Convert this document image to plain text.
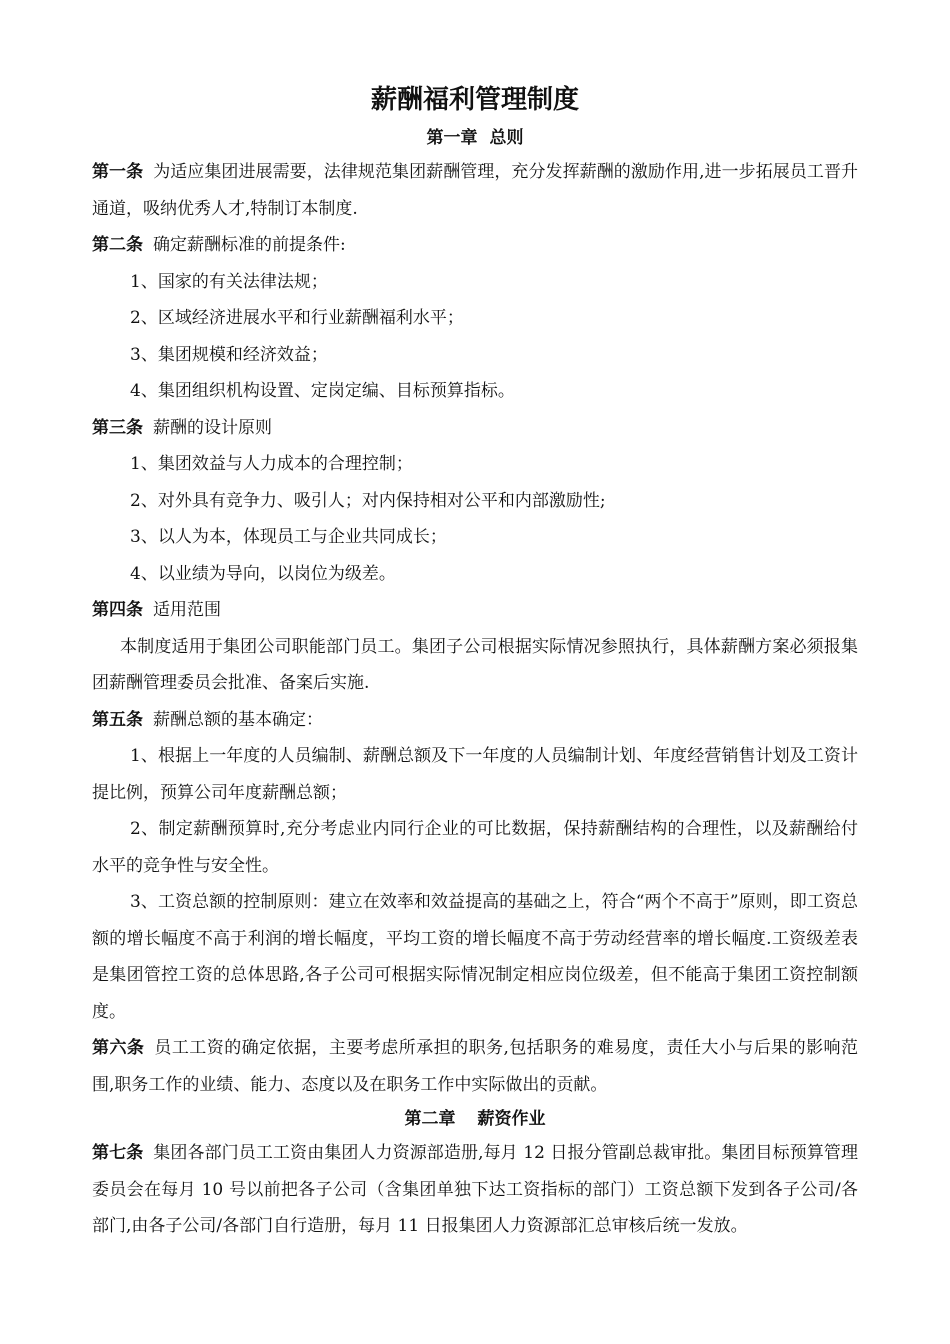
薪酬福利管理制度
第一章 总则

第一条 为适应集团进展需要，法律规范集团薪酬管理，充分发挥薪酬的激励作用,进一步拓展员工晋升通道，吸纳优秀人才,特制订本制度.

第二条 确定薪酬标准的前提条件:

1、国家的有关法律法规；

2、区域经济进展水平和行业薪酬福利水平；

3、集团规模和经济效益；

4、集团组织机构设置、定岗定编、目标预算指标。

第三条 薪酬的设计原则

1、集团效益与人力成本的合理控制；

2、对外具有竞争力、吸引人；对内保持相对公平和内部激励性;

3、以人为本，体现员工与企业共同成长；

4、以业绩为导向，以岗位为级差。

第四条 适用范围

本制度适用于集团公司职能部门员工。集团子公司根据实际情况参照执行，具体薪酬方案必须报集团薪酬管理委员会批准、备案后实施.

第五条 薪酬总额的基本确定：

1、根据上一年度的人员编制、薪酬总额及下一年度的人员编制计划、年度经营销售计划及工资计提比例，预算公司年度薪酬总额；

2、制定薪酬预算时,充分考虑业内同行企业的可比数据，保持薪酬结构的合理性，以及薪酬给付水平的竞争性与安全性。

3、工资总额的控制原则：建立在效率和效益提高的基础之上，符合“两个不高于”原则，即工资总额的增长幅度不高于利润的增长幅度，平均工资的增长幅度不高于劳动经营率的增长幅度.工资级差表是集团管控工资的总体思路,各子公司可根据实际情况制定相应岗位级差，但不能高于集团工资控制额度。

第六条 员工工资的确定依据，主要考虑所承担的职务,包括职务的难易度，责任大小与后果的影响范围,职务工作的业绩、能力、态度以及在职务工作中实际做出的贡献。

第二章 薪资作业

第七条 集团各部门员工工资由集团人力资源部造册,每月 12 日报分管副总裁审批。集团目标预算管理委员会在每月 10 号以前把各子公司（含集团单独下达工资指标的部门）工资总额下发到各子公司/各部门,由各子公司/各部门自行造册，每月 11 日报集团人力资源部汇总审核后统一发放。
